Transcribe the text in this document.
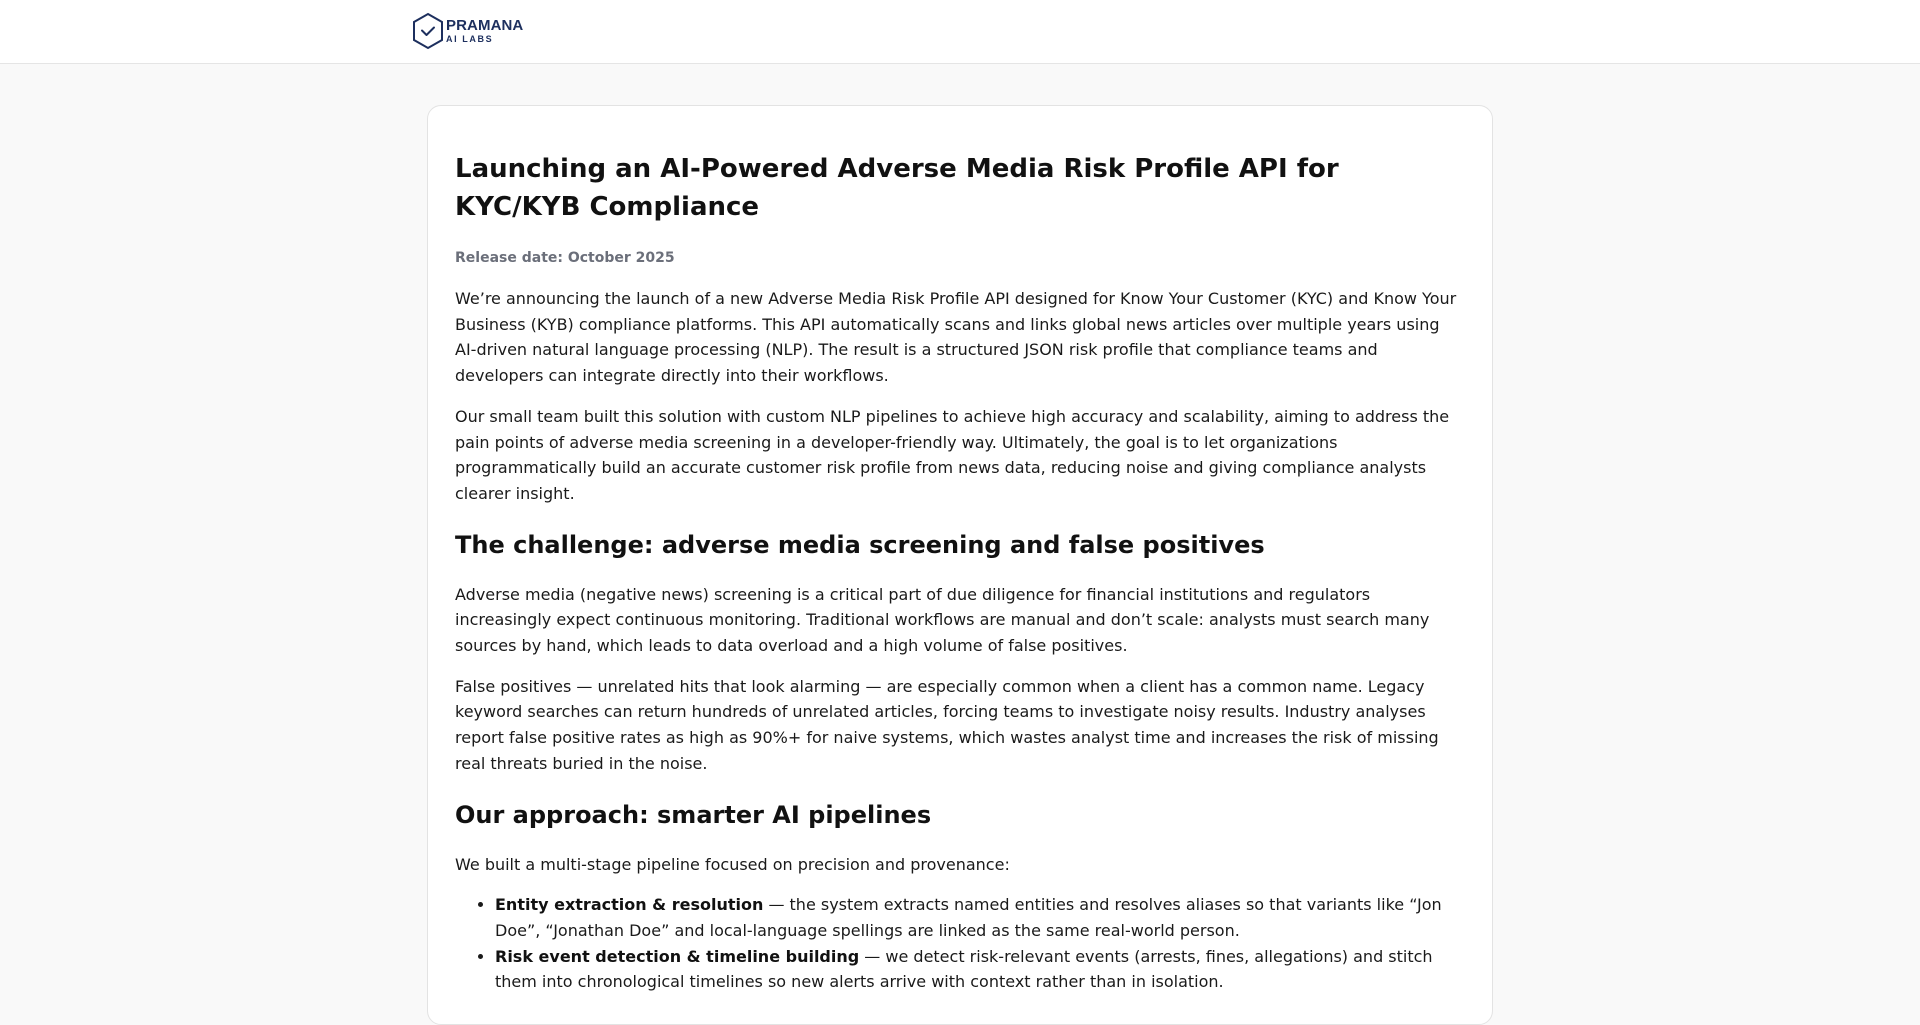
PRAMANA
AI LABS
Launching an AI-Powered Adverse Media Risk Profile API for KYC/KYB Compliance
Release date: October 2025

We’re announcing the launch of a new Adverse Media Risk Profile API designed for Know Your Customer (KYC) and Know Your Business (KYB) compliance platforms. This API automatically scans and links global news articles over multiple years using AI-driven natural language processing (NLP). The result is a structured JSON risk profile that compliance teams and developers can integrate directly into their workflows.

Our small team built this solution with custom NLP pipelines to achieve high accuracy and scalability, aiming to address the pain points of adverse media screening in a developer-friendly way. Ultimately, the goal is to let organizations programmatically build an accurate customer risk profile from news data, reducing noise and giving compliance analysts clearer insight.

The challenge: adverse media screening and false positives

Adverse media (negative news) screening is a critical part of due diligence for financial institutions and regulators increasingly expect continuous monitoring. Traditional workflows are manual and don’t scale: analysts must search many sources by hand, which leads to data overload and a high volume of false positives.

False positives — unrelated hits that look alarming — are especially common when a client has a common name. Legacy keyword searches can return hundreds of unrelated articles, forcing teams to investigate noisy results. Industry analyses report false positive rates as high as 90%+ for naive systems, which wastes analyst time and increases the risk of missing real threats buried in the noise.

Our approach: smarter AI pipelines

We built a multi-stage pipeline focused on precision and provenance:

• Entity extraction & resolution — the system extracts named entities and resolves aliases so that variants like “Jon Doe”, “Jonathan Doe” and local-language spellings are linked as the same real-world person.
• Risk event detection & timeline building — we detect risk-relevant events (arrests, fines, allegations) and stitch them into chronological timelines so new alerts arrive with context rather than in isolation.
